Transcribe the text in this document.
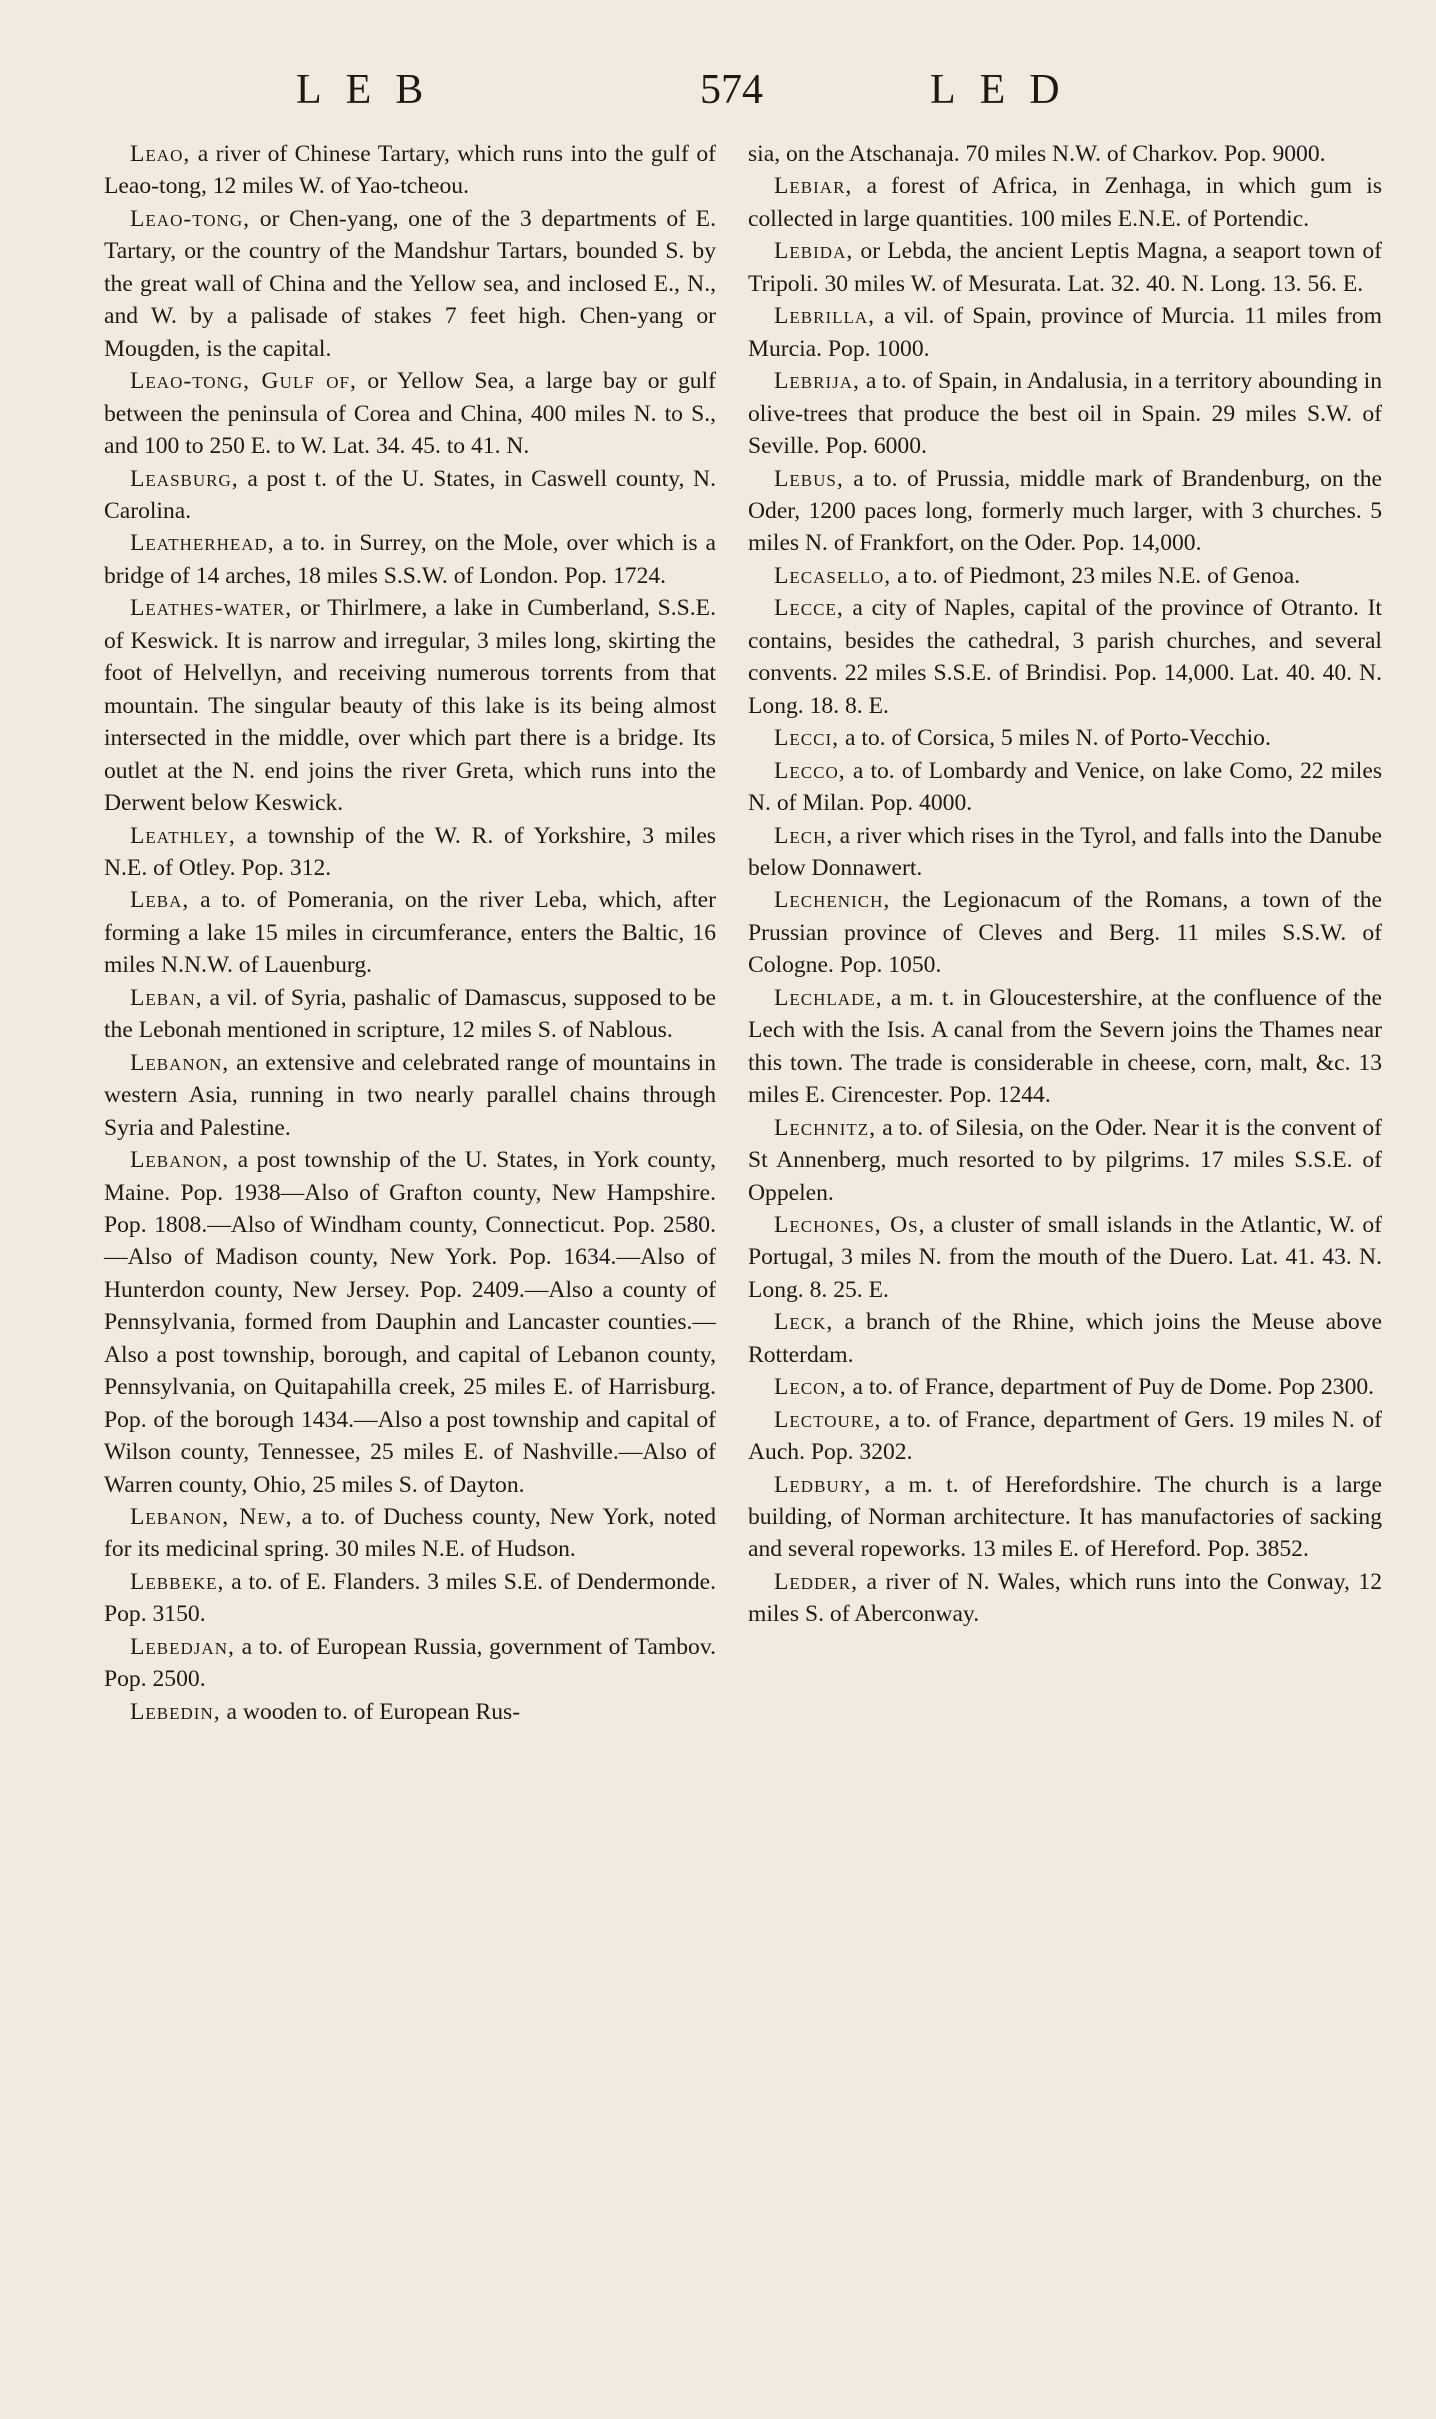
LEB	574	LED

Leao, a river of Chinese Tartary, which runs into the gulf of Leao-tong, 12 miles W. of Yao-tcheou.

Leao-tong, or Chen-yang, one of the 3 departments of E. Tartary, or the country of the Mandshur Tartars, bounded S. by the great wall of China and the Yellow sea, and inclosed E., N., and W. by a palisade of stakes 7 feet high. Chen-yang or Mougden, is the capital.

Leao-tong, Gulf of, or Yellow Sea, a large bay or gulf between the peninsula of Corea and China, 400 miles N. to S., and 100 to 250 E. to W. Lat. 34. 45. to 41. N.

Leasburg, a post t. of the U. States, in Caswell county, N. Carolina.

Leatherhead, a to. in Surrey, on the Mole, over which is a bridge of 14 arches, 18 miles S.S.W. of London. Pop. 1724.

Leathes-water, or Thirlmere, a lake in Cumberland, S.S.E. of Keswick. It is narrow and irregular, 3 miles long, skirting the foot of Helvellyn, and receiving numerous torrents from that mountain. The singular beauty of this lake is its being almost intersected in the middle, over which part there is a bridge. Its outlet at the N. end joins the river Greta, which runs into the Derwent below Keswick.

Leathley, a township of the W. R. of Yorkshire, 3 miles N.E. of Otley. Pop. 312.

Leba, a to. of Pomerania, on the river Leba, which, after forming a lake 15 miles in circumferance, enters the Baltic, 16 miles N.N.W. of Lauenburg.

Leban, a vil. of Syria, pashalic of Damascus, supposed to be the Lebonah mentioned in scripture, 12 miles S. of Nablous.

Lebanon, an extensive and celebrated range of mountains in western Asia, running in two nearly parallel chains through Syria and Palestine.

Lebanon, a post township of the U. States, in York county, Maine. Pop. 1938—Also of Grafton county, New Hampshire. Pop. 1808.—Also of Windham county, Connecticut. Pop. 2580.—Also of Madison county, New York. Pop. 1634.—Also of Hunterdon county, New Jersey. Pop. 2409.—Also a county of Pennsylvania, formed from Dauphin and Lancaster counties.—Also a post township, borough, and capital of Lebanon county, Pennsylvania, on Quitapahilla creek, 25 miles E. of Harrisburg. Pop. of the borough 1434.—Also a post township and capital of Wilson county, Tennessee, 25 miles E. of Nashville.—Also of Warren county, Ohio, 25 miles S. of Dayton.

Lebanon, New, a to. of Duchess county, New York, noted for its medicinal spring. 30 miles N.E. of Hudson.

Lebbeke, a to. of E. Flanders. 3 miles S.E. of Dendermonde. Pop. 3150.

Lebedjan, a to. of European Russia, government of Tambov. Pop. 2500.

Lebedin, a wooden to. of European Rus-

sia, on the Atschanaja. 70 miles N.W. of Charkov. Pop. 9000.

Lebiar, a forest of Africa, in Zenhaga, in which gum is collected in large quantities. 100 miles E.N.E. of Portendic.

Lebida, or Lebda, the ancient Leptis Magna, a seaport town of Tripoli. 30 miles W. of Mesurata. Lat. 32. 40. N. Long. 13. 56. E.

Lebrilla, a vil. of Spain, province of Murcia. 11 miles from Murcia. Pop. 1000.

Lebrija, a to. of Spain, in Andalusia, in a territory abounding in olive-trees that produce the best oil in Spain. 29 miles S.W. of Seville. Pop. 6000.

Lebus, a to. of Prussia, middle mark of Brandenburg, on the Oder, 1200 paces long, formerly much larger, with 3 churches. 5 miles N. of Frankfort, on the Oder. Pop. 14,000.

Lecasello, a to. of Piedmont, 23 miles N.E. of Genoa.

Lecce, a city of Naples, capital of the province of Otranto. It contains, besides the cathedral, 3 parish churches, and several convents. 22 miles S.S.E. of Brindisi. Pop. 14,000. Lat. 40. 40. N. Long. 18. 8. E.

Lecci, a to. of Corsica, 5 miles N. of Porto-Vecchio.

Lecco, a to. of Lombardy and Venice, on lake Como, 22 miles N. of Milan. Pop. 4000.

Lech, a river which rises in the Tyrol, and falls into the Danube below Donnawert.

Lechenich, the Legionacum of the Romans, a town of the Prussian province of Cleves and Berg. 11 miles S.S.W. of Cologne. Pop. 1050.

Lechlade, a m. t. in Gloucestershire, at the confluence of the Lech with the Isis. A canal from the Severn joins the Thames near this town. The trade is considerable in cheese, corn, malt, &c. 13 miles E. Cirencester. Pop. 1244.

Lechnitz, a to. of Silesia, on the Oder. Near it is the convent of St Annenberg, much resorted to by pilgrims. 17 miles S.S.E. of Oppelen.

Lechones, Os, a cluster of small islands in the Atlantic, W. of Portugal, 3 miles N. from the mouth of the Duero. Lat. 41. 43. N. Long. 8. 25. E.

Leck, a branch of the Rhine, which joins the Meuse above Rotterdam.

Lecon, a to. of France, department of Puy de Dome. Pop 2300.

Lectoure, a to. of France, department of Gers. 19 miles N. of Auch. Pop. 3202.

Ledbury, a m. t. of Herefordshire. The church is a large building, of Norman architecture. It has manufactories of sacking and several ropeworks. 13 miles E. of Hereford. Pop. 3852.

Ledder, a river of N. Wales, which runs into the Conway, 12 miles S. of Aberconway.
